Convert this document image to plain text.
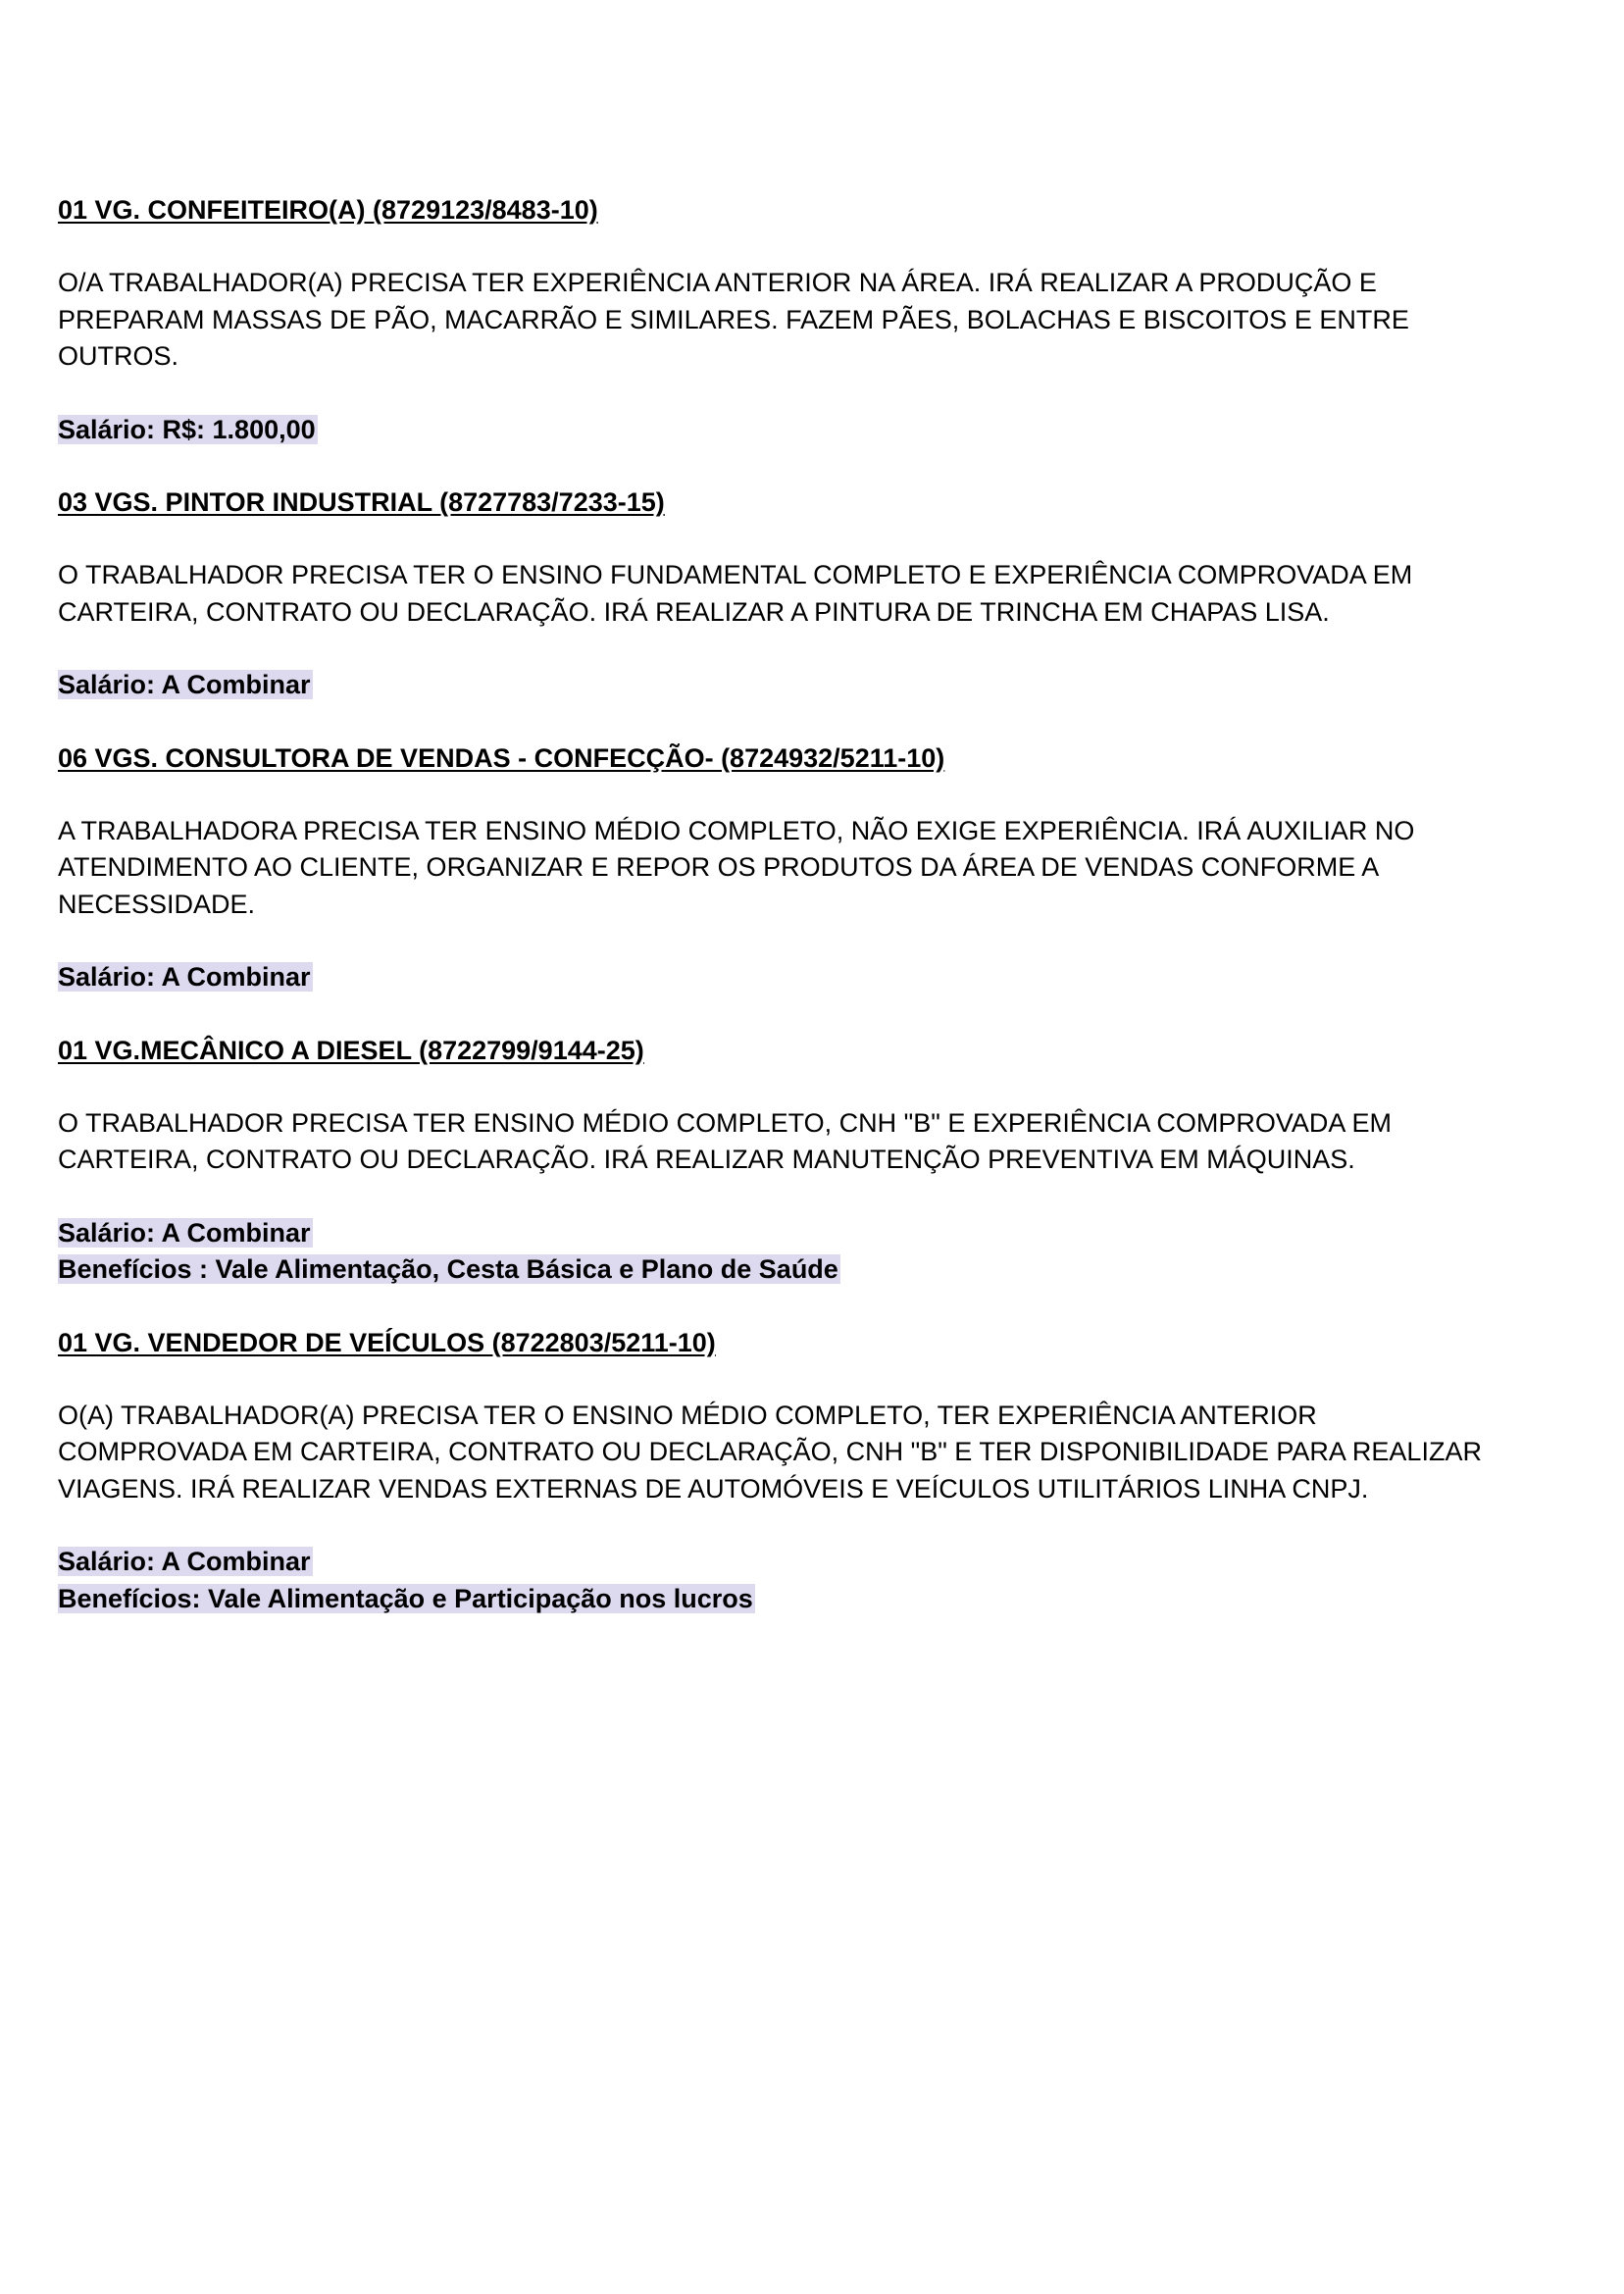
01 VG. CONFEITEIRO(A) (8729123/8483-10)
O/A TRABALHADOR(A) PRECISA TER EXPERIÊNCIA ANTERIOR NA ÁREA. IRÁ REALIZAR A PRODUÇÃO E PREPARAM MASSAS DE PÃO, MACARRÃO E SIMILARES. FAZEM PÃES, BOLACHAS E BISCOITOS E ENTRE OUTROS.
Salário: R$: 1.800,00
03 VGS. PINTOR INDUSTRIAL (8727783/7233-15)
O TRABALHADOR PRECISA TER O ENSINO FUNDAMENTAL COMPLETO E EXPERIÊNCIA COMPROVADA EM CARTEIRA, CONTRATO OU DECLARAÇÃO. IRÁ REALIZAR A PINTURA DE TRINCHA EM CHAPAS LISA.
Salário: A Combinar
06 VGS. CONSULTORA DE VENDAS - CONFECÇÃO- (8724932/5211-10)
A TRABALHADORA PRECISA TER ENSINO MÉDIO COMPLETO, NÃO EXIGE EXPERIÊNCIA. IRÁ AUXILIAR NO ATENDIMENTO AO CLIENTE, ORGANIZAR E REPOR OS PRODUTOS DA ÁREA DE VENDAS CONFORME A NECESSIDADE.
Salário: A Combinar
01 VG.MECÂNICO A DIESEL (8722799/9144-25)
O TRABALHADOR PRECISA TER ENSINO MÉDIO COMPLETO, CNH "B" E EXPERIÊNCIA COMPROVADA EM CARTEIRA, CONTRATO OU DECLARAÇÃO. IRÁ REALIZAR MANUTENÇÃO PREVENTIVA EM MÁQUINAS.
Salário: A Combinar
Benefícios : Vale Alimentação, Cesta Básica e Plano de Saúde
01 VG. VENDEDOR DE VEÍCULOS (8722803/5211-10)
O(A) TRABALHADOR(A) PRECISA TER O ENSINO MÉDIO COMPLETO, TER EXPERIÊNCIA ANTERIOR COMPROVADA EM CARTEIRA, CONTRATO OU DECLARAÇÃO, CNH "B" E TER DISPONIBILIDADE PARA REALIZAR VIAGENS. IRÁ REALIZAR VENDAS EXTERNAS DE AUTOMÓVEIS E VEÍCULOS UTILITÁRIOS LINHA CNPJ.
Salário: A Combinar
Benefícios: Vale Alimentação e Participação nos lucros
